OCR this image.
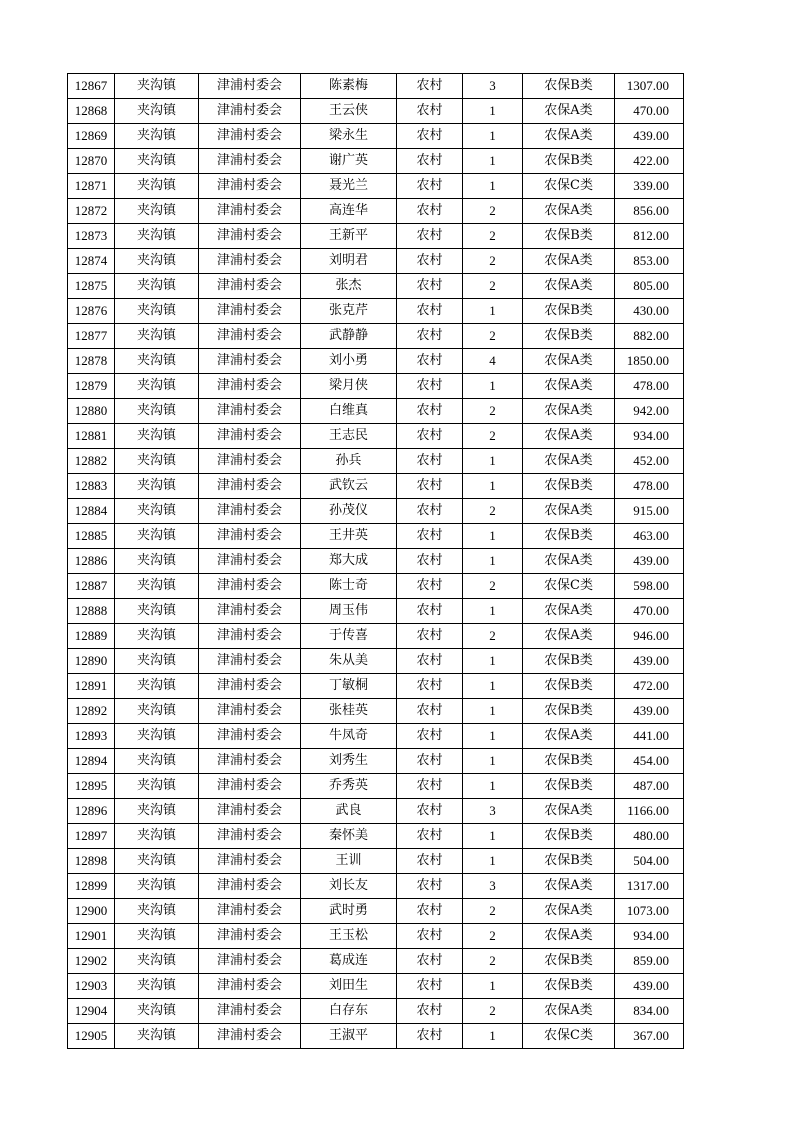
12867	夹沟镇	津浦村委会	陈素梅	农村	3	农保B类	1307.00
12868	夹沟镇	津浦村委会	王云侠	农村	1	农保A类	470.00
12869	夹沟镇	津浦村委会	梁永生	农村	1	农保A类	439.00
12870	夹沟镇	津浦村委会	谢广英	农村	1	农保B类	422.00
12871	夹沟镇	津浦村委会	聂光兰	农村	1	农保C类	339.00
12872	夹沟镇	津浦村委会	高连华	农村	2	农保A类	856.00
12873	夹沟镇	津浦村委会	王新平	农村	2	农保B类	812.00
12874	夹沟镇	津浦村委会	刘明君	农村	2	农保A类	853.00
12875	夹沟镇	津浦村委会	张杰	农村	2	农保A类	805.00
12876	夹沟镇	津浦村委会	张克芹	农村	1	农保B类	430.00
12877	夹沟镇	津浦村委会	武静静	农村	2	农保B类	882.00
12878	夹沟镇	津浦村委会	刘小勇	农村	4	农保A类	1850.00
12879	夹沟镇	津浦村委会	梁月侠	农村	1	农保A类	478.00
12880	夹沟镇	津浦村委会	白维真	农村	2	农保A类	942.00
12881	夹沟镇	津浦村委会	王志民	农村	2	农保A类	934.00
12882	夹沟镇	津浦村委会	孙兵	农村	1	农保A类	452.00
12883	夹沟镇	津浦村委会	武钦云	农村	1	农保B类	478.00
12884	夹沟镇	津浦村委会	孙茂仪	农村	2	农保A类	915.00
12885	夹沟镇	津浦村委会	王井英	农村	1	农保B类	463.00
12886	夹沟镇	津浦村委会	郑大成	农村	1	农保A类	439.00
12887	夹沟镇	津浦村委会	陈士奇	农村	2	农保C类	598.00
12888	夹沟镇	津浦村委会	周玉伟	农村	1	农保A类	470.00
12889	夹沟镇	津浦村委会	于传喜	农村	2	农保A类	946.00
12890	夹沟镇	津浦村委会	朱从美	农村	1	农保B类	439.00
12891	夹沟镇	津浦村委会	丁敏桐	农村	1	农保B类	472.00
12892	夹沟镇	津浦村委会	张桂英	农村	1	农保B类	439.00
12893	夹沟镇	津浦村委会	牛凤奇	农村	1	农保A类	441.00
12894	夹沟镇	津浦村委会	刘秀生	农村	1	农保B类	454.00
12895	夹沟镇	津浦村委会	乔秀英	农村	1	农保B类	487.00
12896	夹沟镇	津浦村委会	武良	农村	3	农保A类	1166.00
12897	夹沟镇	津浦村委会	秦怀美	农村	1	农保B类	480.00
12898	夹沟镇	津浦村委会	王训	农村	1	农保B类	504.00
12899	夹沟镇	津浦村委会	刘长友	农村	3	农保A类	1317.00
12900	夹沟镇	津浦村委会	武时勇	农村	2	农保A类	1073.00
12901	夹沟镇	津浦村委会	王玉松	农村	2	农保A类	934.00
12902	夹沟镇	津浦村委会	葛成连	农村	2	农保B类	859.00
12903	夹沟镇	津浦村委会	刘田生	农村	1	农保B类	439.00
12904	夹沟镇	津浦村委会	白存东	农村	2	农保A类	834.00
12905	夹沟镇	津浦村委会	王淑平	农村	1	农保C类	367.00
